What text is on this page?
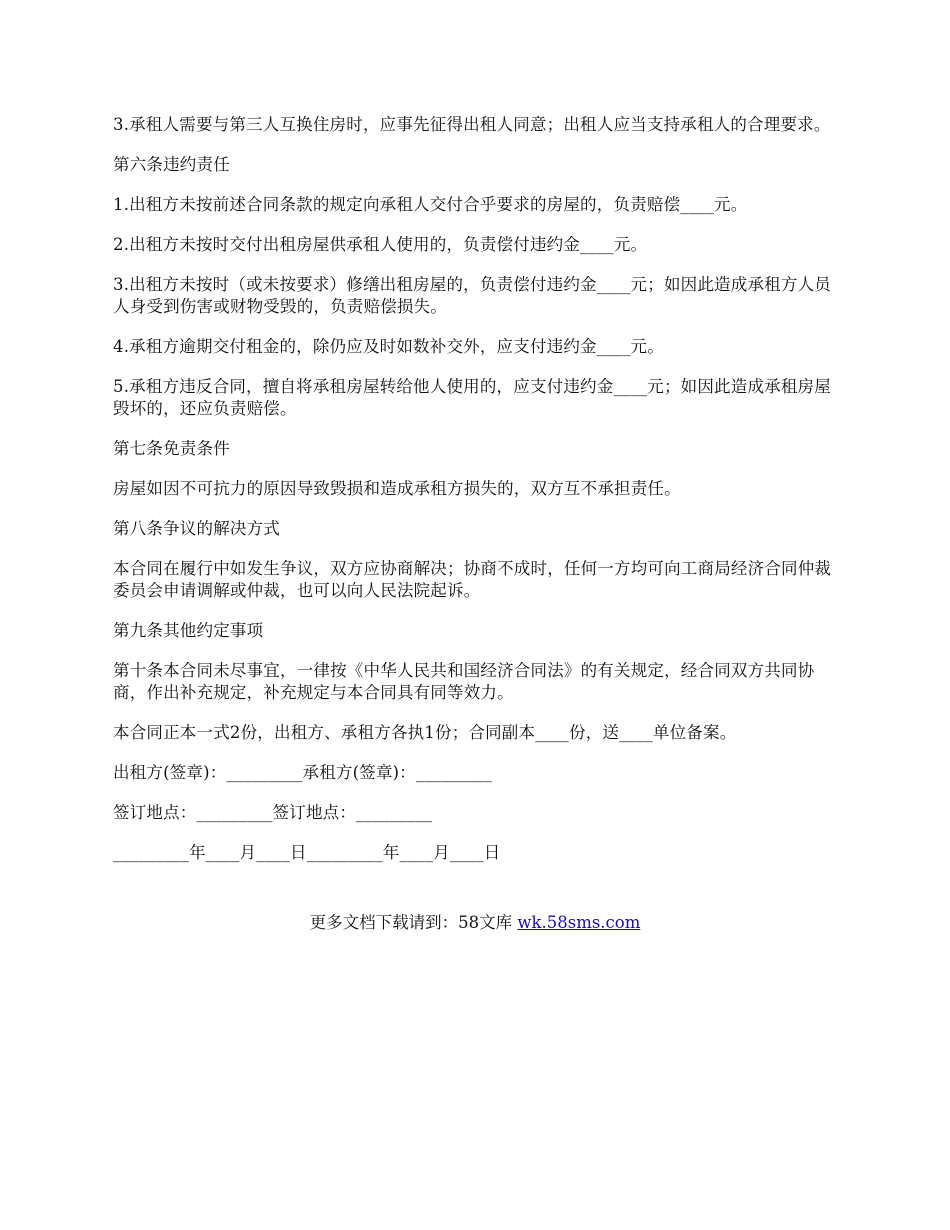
3.承租人需要与第三人互换住房时，应事先征得出租人同意；出租人应当支持承租人的合理要求。

第六条违约责任

1.出租方未按前述合同条款的规定向承租人交付合乎要求的房屋的，负责赔偿____元。

2.出租方未按时交付出租房屋供承租人使用的，负责偿付违约金____元。

3.出租方未按时（或未按要求）修缮出租房屋的，负责偿付违约金____元；如因此造成承租方人员人身受到伤害或财物受毁的，负责赔偿损失。

4.承租方逾期交付租金的，除仍应及时如数补交外，应支付违约金____元。

5.承租方违反合同，擅自将承租房屋转给他人使用的，应支付违约金____元；如因此造成承租房屋毁坏的，还应负责赔偿。

第七条免责条件

房屋如因不可抗力的原因导致毁损和造成承租方损失的，双方互不承担责任。

第八条争议的解决方式

本合同在履行中如发生争议，双方应协商解决；协商不成时，任何一方均可向工商局经济合同仲裁委员会申请调解或仲裁，也可以向人民法院起诉。

第九条其他约定事项

第十条本合同未尽事宜，一律按《中华人民共和国经济合同法》的有关规定，经合同双方共同协商，作出补充规定，补充规定与本合同具有同等效力。

本合同正本一式2份，出租方、承租方各执1份；合同副本____份，送____单位备案。

出租方(签章)：_________承租方(签章)：_________

签订地点：_________签订地点：_________

_________年____月____日_________年____月____日

更多文档下载请到：58文库 wk.58sms.com
